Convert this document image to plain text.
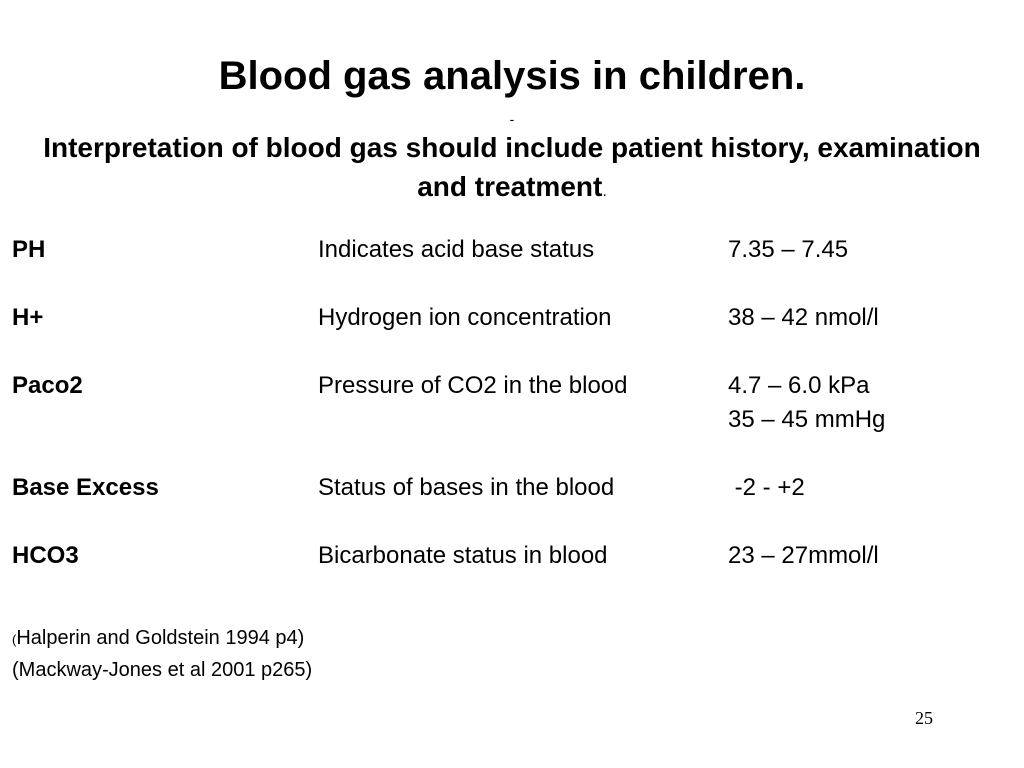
Blood gas analysis in children.
-
Interpretation of blood gas should include patient history, examination and treatment.
PH	Indicates acid base status	7.35 – 7.45
H+	Hydrogen ion concentration	38 – 42 nmol/l
Paco2	Pressure of CO2 in the blood	4.7 – 6.0 kPa
35 – 45 mmHg
Base Excess	Status of bases in the blood	-2 - +2
HCO3	Bicarbonate status in blood	23 – 27mmol/l
(Halperin and Goldstein 1994 p4)
(Mackway-Jones et al 2001 p265)
25
